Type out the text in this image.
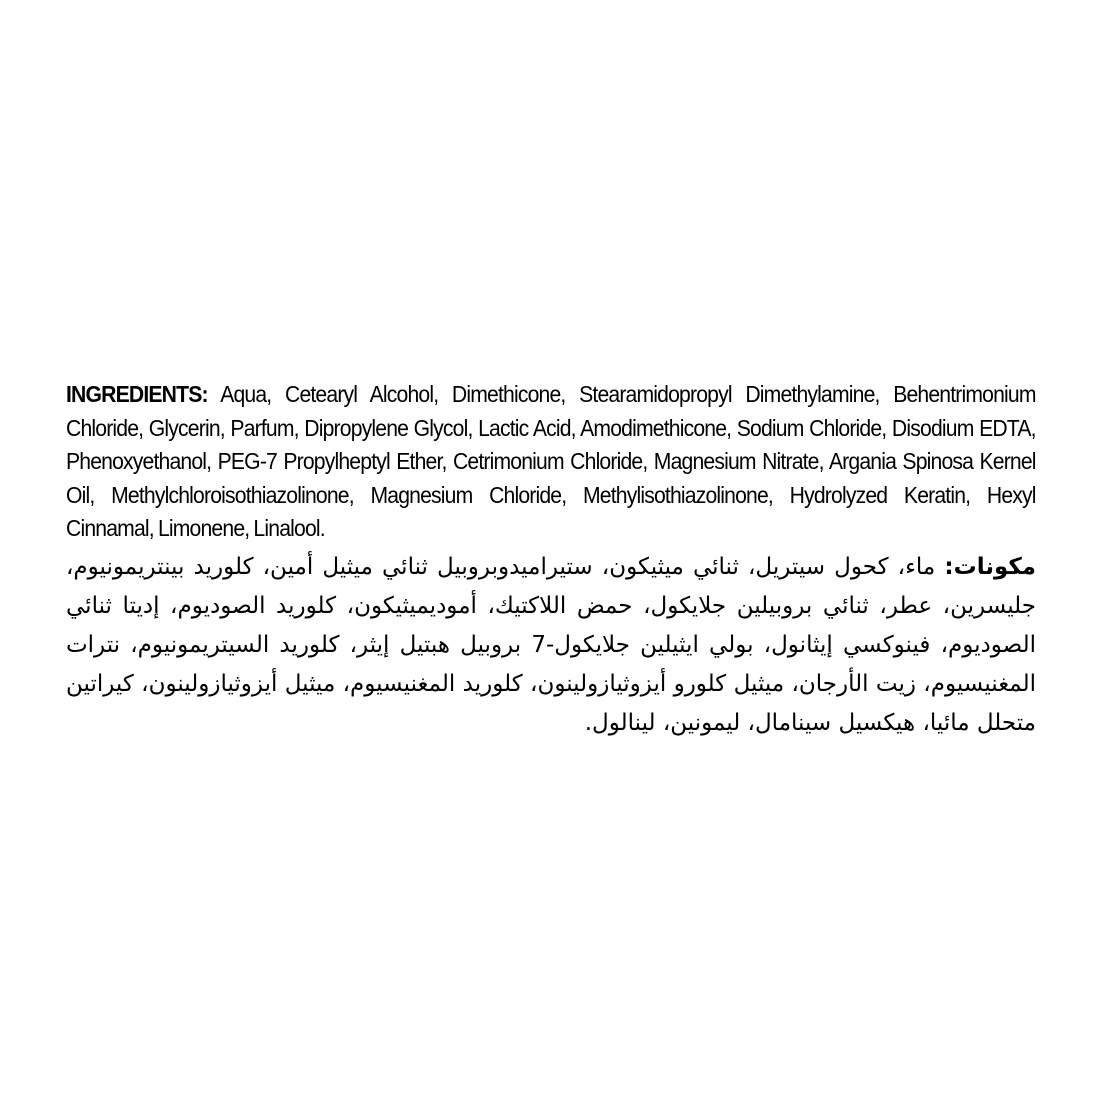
INGREDIENTS: Aqua, Cetearyl Alcohol, Dimethicone, Stearamidopropyl Dimethylamine, Behentrimonium Chloride, Glycerin, Parfum, Dipropylene Glycol, Lactic Acid, Amodimethicone, Sodium Chloride, Disodium EDTA, Phenoxyethanol, PEG-7 Propylheptyl Ether, Cetrimonium Chloride, Magnesium Nitrate, Argania Spinosa Kernel Oil, Methylchloroisothiazolinone, Magnesium Chloride, Methylisothiazolinone, Hydrolyzed Keratin, Hexyl Cinnamal, Limonene, Linalool.
مكونات: ماء، كحول سيتريل، ثنائي ميثيكون، ستيراميدوبروبيل ثنائي ميثيل أمين، كلوريد بينتريمونيوم، جليسرين، عطر، ثنائي بروبيلين جلايكول، حمض اللاكتيك، أموديميثيكون، كلوريد الصوديوم، إديتا ثنائي الصوديوم، فينوكسي إيثانول، بولي ايثيلين جلايكول-7 بروبيل هبتيل إيثر، كلوريد السيتريمونيوم، نترات المغنيسيوم، زيت الأرجان، ميثيل كلورو أيزوثيازولينون، كلوريد المغنيسيوم، ميثيل أيزوثيازولينون، كيراتين متحلل مائيا، هيكسيل سينامال، ليمونين، لينالول.
